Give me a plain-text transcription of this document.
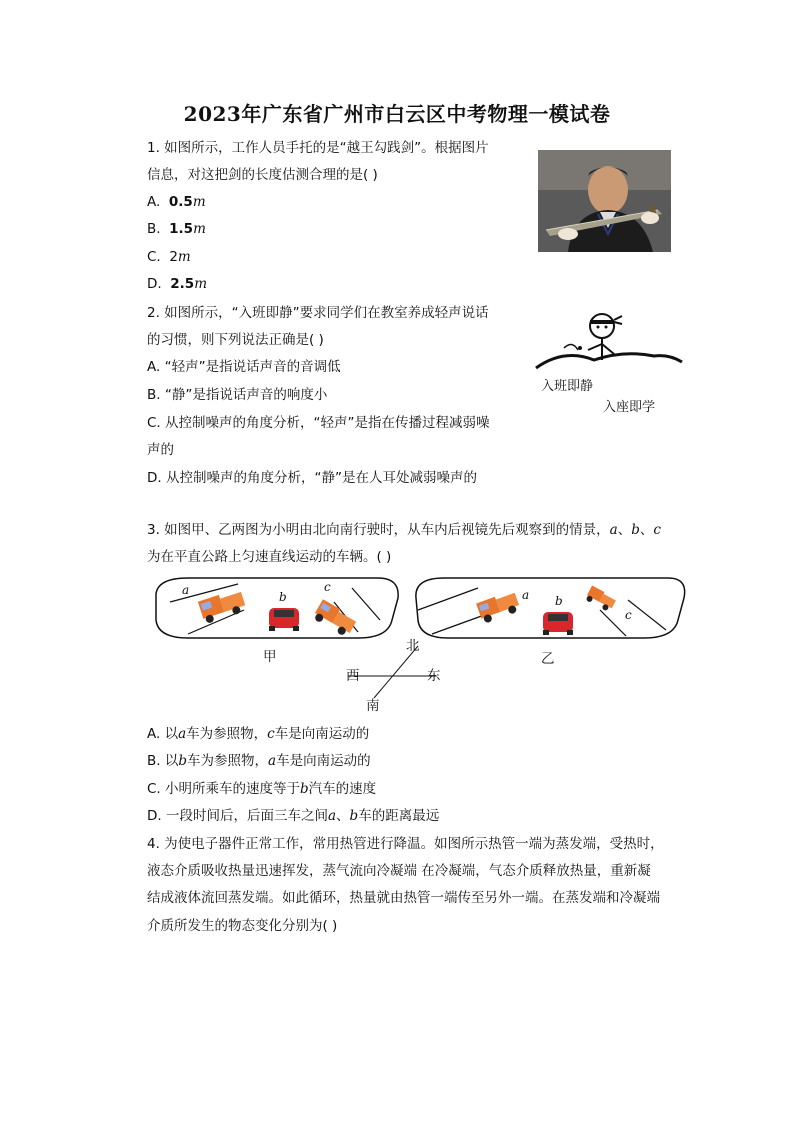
2023年广东省广州市白云区中考物理一模试卷
1. 如图所示，工作人员手托的是“越王勾践剑”。根据图片
信息，对这把剑的长度估测合理的是( )
A. 0.5m
B. 1.5m
C. 2m
D. 2.5m
2. 如图所示，“入班即静”要求同学们在教室养成轻声说话
的习惯，则下列说法正确是( )
A. “轻声”是指说话声音的音调低
B. “静”是指说话声音的响度小
C. 从控制噪声的角度分析，“轻声”是指在传播过程减弱噪
声的
D. 从控制噪声的角度分析，“静”是在人耳处减弱噪声的
入班即静
入座即学
3. 如图甲、乙两图为小明由北向南行驶时，从车内后视镜先后观察到的情景，a、b、c
为在平直公路上匀速直线运动的车辆。( )
a	b
c
a b
c
甲	乙
北
西	东
南
A. 以a车为参照物，c车是向南运动的
B. 以b车为参照物，a车是向南运动的
C. 小明所乘车的速度等于b汽车的速度
D. 一段时间后，后面三车之间a、b车的距离最远
4. 为使电子器件正常工作，常用热管进行降温。如图所示热管一端为蒸发端，受热时，
液态介质吸收热量迅速挥发，蒸气流向冷凝端 在冷凝端，气态介质释放热量，重新凝
结成液体流回蒸发端。如此循环，热量就由热管一端传至另外一端。在蒸发端和冷凝端
介质所发生的物态变化分别为( )
